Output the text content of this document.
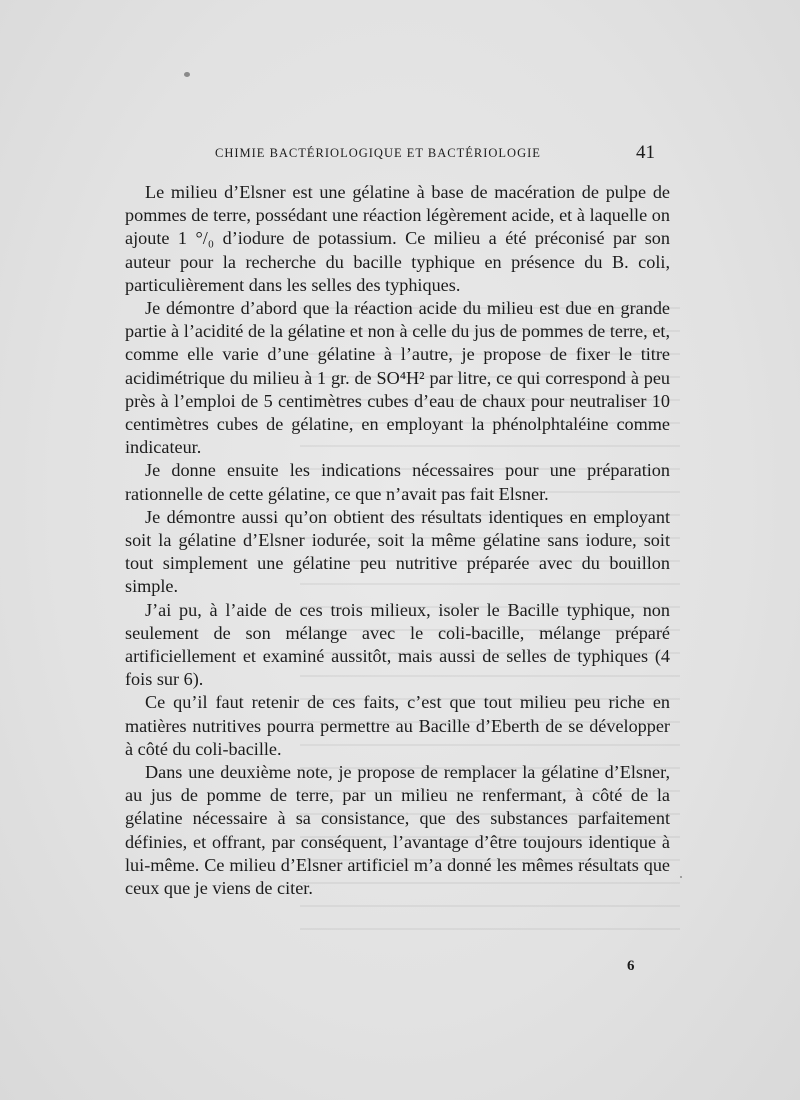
CHIMIE BACTÉRIOLOGIQUE ET BACTÉRIOLOGIE	41

Le milieu d’Elsner est une gélatine à base de macération de pulpe de pommes de terre, possédant une réaction légèrement acide, et à laquelle on ajoute 1 °/₀ d’iodure de potassium. Ce milieu a été préconisé par son auteur pour la recherche du bacille typhique en présence du B. coli, particulièrement dans les selles des typhiques.

Je démontre d’abord que la réaction acide du milieu est due en grande partie à l’acidité de la gélatine et non à celle du jus de pommes de terre, et, comme elle varie d’une gélatine à l’autre, je propose de fixer le titre acidimétrique du milieu à 1 gr. de SO⁴H² par litre, ce qui correspond à peu près à l’emploi de 5 centimètres cubes d’eau de chaux pour neutraliser 10 centimètres cubes de gélatine, en employant la phénolphtaléine comme indicateur.

Je donne ensuite les indications nécessaires pour une préparation rationnelle de cette gélatine, ce que n’avait pas fait Elsner.

Je démontre aussi qu’on obtient des résultats identiques en employant soit la gélatine d’Elsner iodurée, soit la même gélatine sans iodure, soit tout simplement une gélatine peu nutritive préparée avec du bouillon simple.

J’ai pu, à l’aide de ces trois milieux, isoler le Bacille typhique, non seulement de son mélange avec le coli-bacille, mélange préparé artificiellement et examiné aussitôt, mais aussi de selles de typhiques (4 fois sur 6).

Ce qu’il faut retenir de ces faits, c’est que tout milieu peu riche en matières nutritives pourra permettre au Bacille d’Eberth de se développer à côté du coli-bacille.

Dans une deuxième note, je propose de remplacer la gélatine d’Elsner, au jus de pomme de terre, par un milieu ne renfermant, à côté de la gélatine nécessaire à sa consistance, que des substances parfaitement définies, et offrant, par conséquent, l’avantage d’être toujours identique à lui-même. Ce milieu d’Elsner artificiel m’a donné les mêmes résultats que ceux que je viens de citer.

6
